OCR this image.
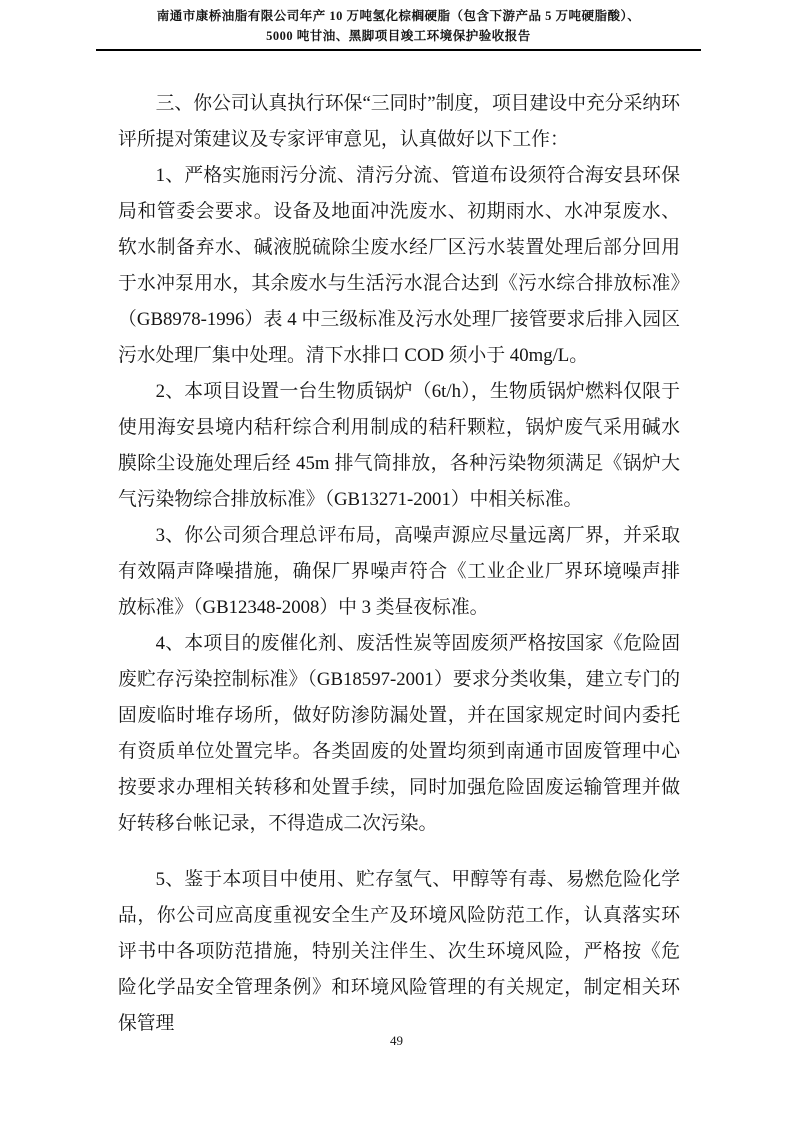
南通市康桥油脂有限公司年产 10 万吨氢化棕榈硬脂（包含下游产品 5 万吨硬脂酸）、
5000 吨甘油、黑脚项目竣工环境保护验收报告

三、你公司认真执行环保“三同时”制度，项目建设中充分采纳环评所提对策建议及专家评审意见，认真做好以下工作：

1、严格实施雨污分流、清污分流、管道布设须符合海安县环保局和管委会要求。设备及地面冲洗废水、初期雨水、水冲泵废水、软水制备弃水、碱液脱硫除尘废水经厂区污水装置处理后部分回用于水冲泵用水，其余废水与生活污水混合达到《污水综合排放标准》（GB8978-1996）表 4 中三级标准及污水处理厂接管要求后排入园区污水处理厂集中处理。清下水排口 COD 须小于 40mg/L。

2、本项目设置一台生物质锅炉（6t/h），生物质锅炉燃料仅限于使用海安县境内秸秆综合利用制成的秸秆颗粒，锅炉废气采用碱水膜除尘设施处理后经 45m 排气筒排放，各种污染物须满足《锅炉大气污染物综合排放标准》（GB13271-2001）中相关标准。

3、你公司须合理总评布局，高噪声源应尽量远离厂界，并采取有效隔声降噪措施，确保厂界噪声符合《工业企业厂界环境噪声排放标准》（GB12348-2008）中 3 类昼夜标准。

4、本项目的废催化剂、废活性炭等固废须严格按国家《危险固废贮存污染控制标准》（GB18597-2001）要求分类收集，建立专门的固废临时堆存场所，做好防渗防漏处置，并在国家规定时间内委托有资质单位处置完毕。各类固废的处置均须到南通市固废管理中心按要求办理相关转移和处置手续，同时加强危险固废运输管理并做好转移台帐记录，不得造成二次污染。

5、鉴于本项目中使用、贮存氢气、甲醇等有毒、易燃危险化学品，你公司应高度重视安全生产及环境风险防范工作，认真落实环评书中各项防范措施，特别关注伴生、次生环境风险，严格按《危险化学品安全管理条例》和环境风险管理的有关规定，制定相关环保管理

49
